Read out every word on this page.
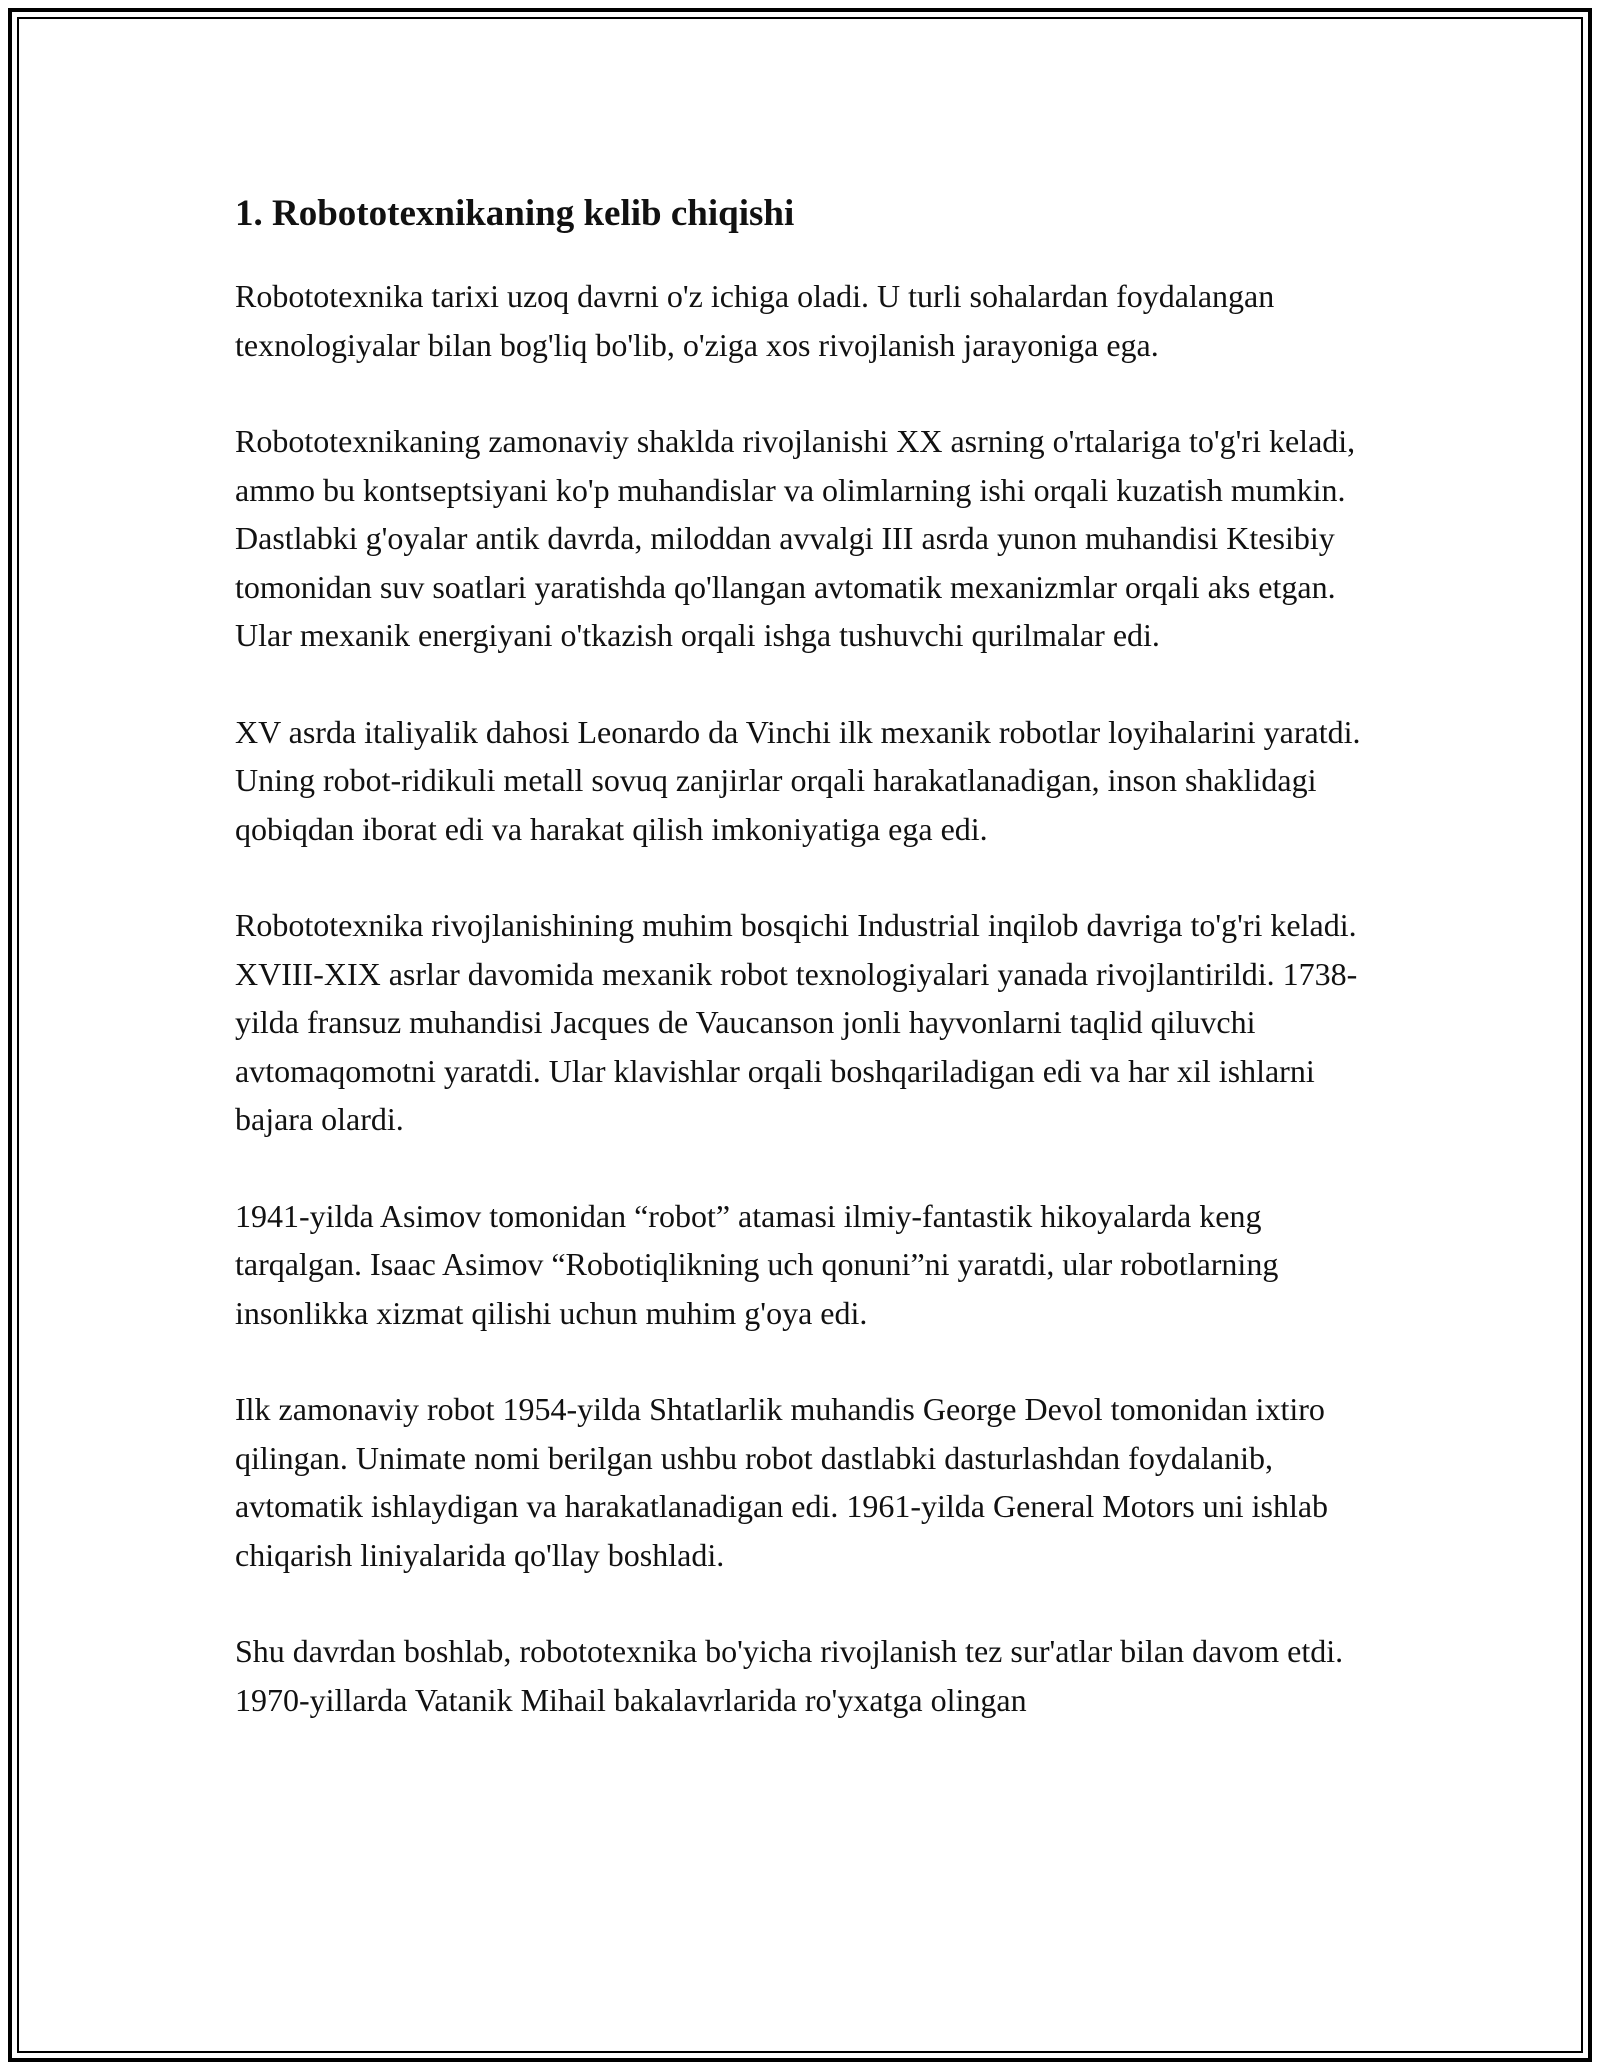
1. Robototexnikaning kelib chiqishi

Robototexnika tarixi uzoq davrni o'z ichiga oladi. U turli sohalardan foydalangan texnologiyalar bilan bog'liq bo'lib, o'ziga xos rivojlanish jarayoniga ega.

Robototexnikaning zamonaviy shaklda rivojlanishi XX asrning o'rtalariga to'g'ri keladi, ammo bu kontseptsiyani ko'p muhandislar va olimlarning ishi orqali kuzatish mumkin. Dastlabki g'oyalar antik davrda, miloddan avvalgi III asrda yunon muhandisi Ktesibiy tomonidan suv soatlari yaratishda qo'llangan avtomatik mexanizmlar orqali aks etgan. Ular mexanik energiyani o'tkazish orqali ishga tushuvchi qurilmalar edi.

XV asrda italiyalik dahosi Leonardo da Vinchi ilk mexanik robotlar loyihalarini yaratdi. Uning robot-ridikuli metall sovuq zanjirlar orqali harakatlanadigan, inson shaklidagi qobiqdan iborat edi va harakat qilish imkoniyatiga ega edi.

Robototexnika rivojlanishining muhim bosqichi Industrial inqilob davriga to'g'ri keladi. XVIII-XIX asrlar davomida mexanik robot texnologiyalari yanada rivojlantirildi. 1738-yilda fransuz muhandisi Jacques de Vaucanson jonli hayvonlarni taqlid qiluvchi avtomaqomotni yaratdi. Ular klavishlar orqali boshqariladigan edi va har xil ishlarni bajara olardi.

1941-yilda Asimov tomonidan “robot” atamasi ilmiy-fantastik hikoyalarda keng tarqalgan. Isaac Asimov “Robotiqlikning uch qonuni”ni yaratdi, ular robotlarning insonlikka xizmat qilishi uchun muhim g'oya edi.

Ilk zamonaviy robot 1954-yilda Shtatlarlik muhandis George Devol tomonidan ixtiro qilingan. Unimate nomi berilgan ushbu robot dastlabki dasturlashdan foydalanib, avtomatik ishlaydigan va harakatlanadigan edi. 1961-yilda General Motors uni ishlab chiqarish liniyalarida qo'llay boshladi.

Shu davrdan boshlab, robototexnika bo'yicha rivojlanish tez sur'atlar bilan davom etdi. 1970-yillarda Vatanik Mihail bakalavrlarida ro'yxatga olingan
